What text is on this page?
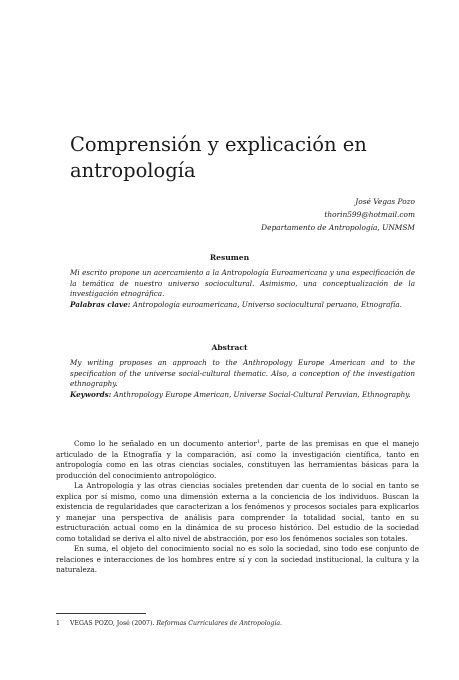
Comprensión y explicación en antropología
José Vegas Pozo
thorin599@hotmail.com
Departamento de Antropología, UNMSM
Resumen

Mi escrito propone un acercamiento a la Antropología Euroamericana y una especificación de la temática de nuestro universo sociocultural. Asimismo, una conceptualización de la investigación etnográfica.

Palabras clave: Antropología euroamericana, Universo sociocultural peruano, Etnografía.

Abstract

My writing proposes an approach to the Anthropology Europe American and to the specification of the universe social-cultural thematic. Also, a conception of the investigation ethnography.

Keywords: Anthropology Europe American, Universe Social-Cultural Peruvian, Ethnography.

Como lo he señalado en un documento anterior$^1$, parte de las premisas en que el manejo articulado de la Etnografía y la comparación, así como la investigación científica, tanto en antropología como en las otras ciencias sociales, constituyen las herramientas básicas para la producción del conocimiento antropológico.

La Antropología y las otras ciencias sociales pretenden dar cuenta de lo social en tanto se explica por sí mismo, como una dimensión externa a la conciencia de los individuos. Buscan la existencia de regularidades que caracterizan a los fenómenos y procesos sociales para explicarlos y manejar una perspectiva de análisis para comprender la totalidad social, tanto en su estructuración actual como en la dinámica de su proceso histórico. Del estudio de la sociedad como totalidad se deriva el alto nivel de abstracción, por eso los fenómenos sociales son totales.

En suma, el objeto del conocimiento social no es solo la sociedad, sino todo ese conjunto de relaciones e interacciones de los hombres entre sí y con la sociedad institucional, la cultura y la naturaleza.

1 VEGAS POZO, José (2007). Reformas Curriculares de Antropología.
